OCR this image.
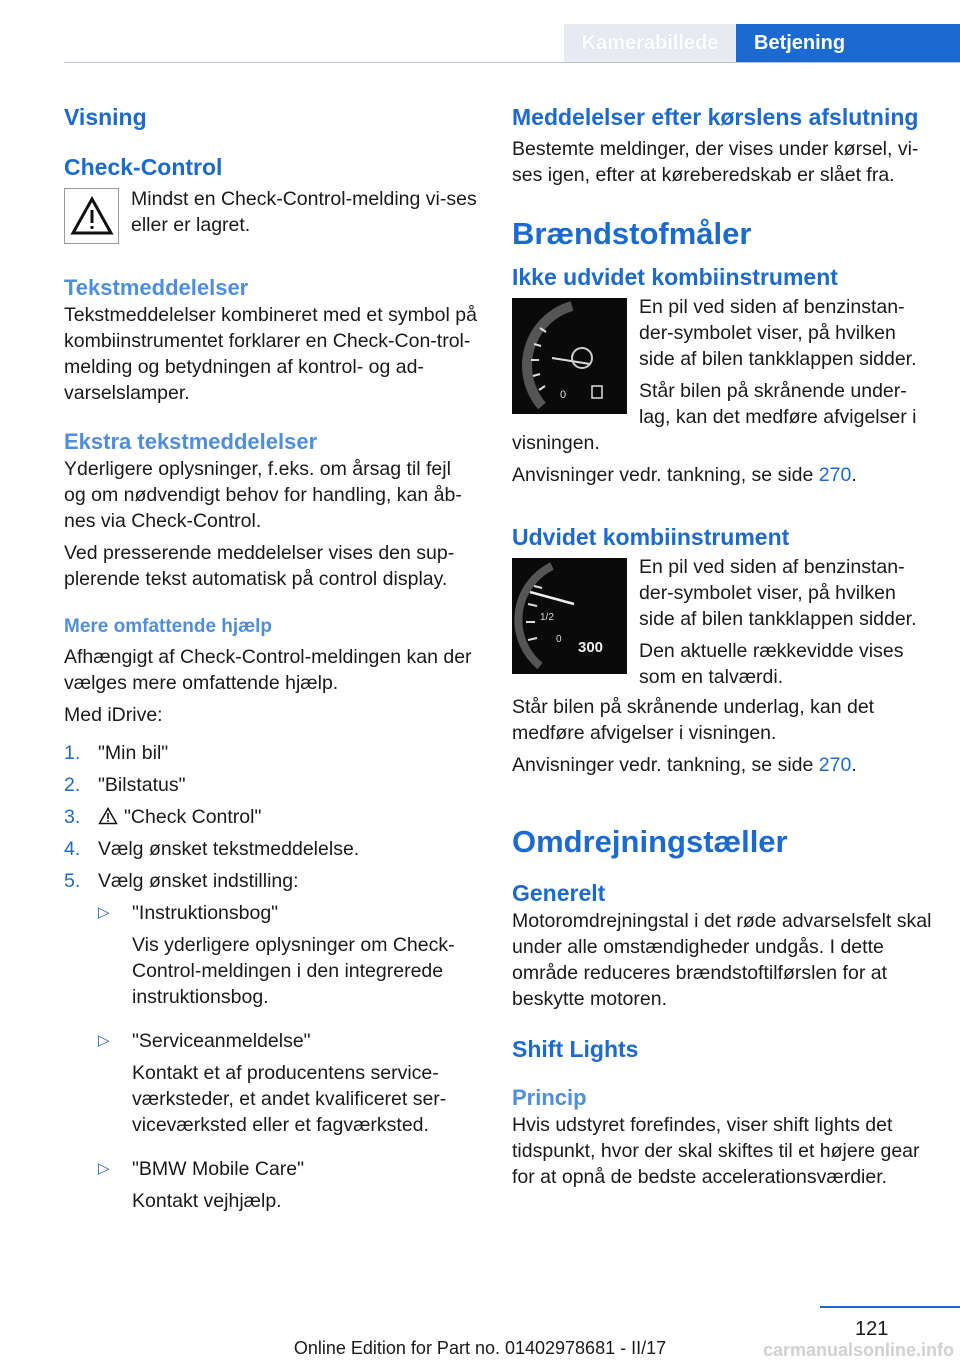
Kamerabillede	Betjening
Visning
Check-Control

Mindst en Check-Control-melding vi-ses eller er lagret.

Tekstmeddelelser

Tekstmeddelelser kombineret med et symbol på kombiinstrumentet forklarer en Check-Con-trol-melding og betydningen af kontrol- og ad-varselslamper.

Ekstra tekstmeddelelser

Yderligere oplysninger, f.eks. om årsag til fejl og om nødvendigt behov for handling, kan åb-nes via Check-Control.

Ved presserende meddelelser vises den sup-plerende tekst automatisk på control display.

Mere omfattende hjælp

Afhængigt af Check-Control-meldingen kan der vælges mere omfattende hjælp.

Med iDrive:

1. "Min bil"
2. "Bilstatus"
3.	"Check Control"
4. Vælg ønsket tekstmeddelelse.
5. Vælg ønsket indstilling:
▷	"Instruktionsbog"
Vis yderligere oplysninger om Check-Control-meldingen i den integrerede instruktionsbog.
▷	"Serviceanmeldelse"
Kontakt et af producentens service-værksteder, et andet kvalificeret ser-viceværksted eller et fagværksted.
▷	"BMW Mobile Care"
Kontakt vejhjælp.
Meddelelser efter kørslens afslutning

Bestemte meldinger, der vises under kørsel, vi-ses igen, efter at køreberedskab er slået fra.

Brændstofmåler
Ikke udvidet kombiinstrument
0

En pil ved siden af benzinstan-der-symbolet viser, på hvilken side af bilen tankklappen sidder.

Står bilen på skrånende under-lag, kan det medføre afvigelser i visningen.

Anvisninger vedr. tankning, se side 270.

Udvidet kombiinstrument
1/2
0 300

En pil ved siden af benzinstan-der-symbolet viser, på hvilken side af bilen tankklappen sidder.

Den aktuelle rækkevidde vises som en talværdi.

Står bilen på skrånende underlag, kan det medføre afvigelser i visningen.

Anvisninger vedr. tankning, se side 270.

Omdrejningstæller
Generelt

Motoromdrejningstal i det røde advarselsfelt skal under alle omstændigheder undgås. I dette område reduceres brændstoftilførslen for at beskytte motoren.

Shift Lights
Princip

Hvis udstyret forefindes, viser shift lights det tidspunkt, hvor der skal skiftes til et højere gear for at opnå de bedste accelerationsværdier.

121
Online Edition for Part no. 01402978681 - II/17	carmanualsonline.info
